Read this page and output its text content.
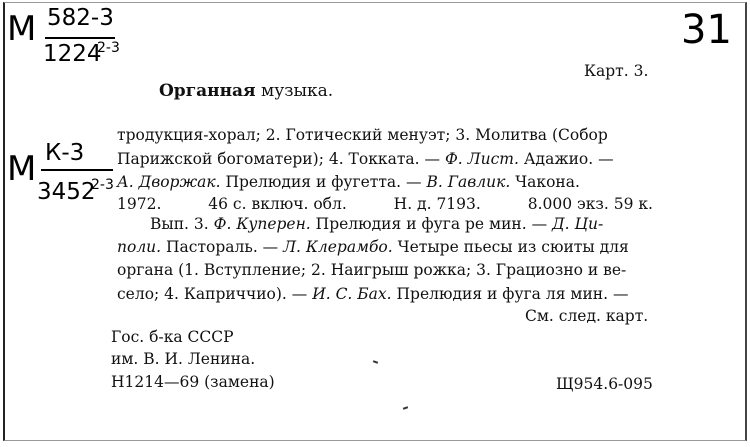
М 582-3
1224
2-3	31
Карт. 3.
Органная музыка.
М К-3
3452
2-3
тродукция-хорал; 2. Готический менуэт; 3. Молитва (Собор
Парижской богоматери); 4. Токката. — Ф. Лист. Адажио. —
А. Дворжак. Прелюдия и фугетта. — В. Гавлик. Чакона.
1972.	46 с. включ. обл.	Н. д. 7193.	8.000 экз. 59 к.
Вып. 3. Ф. Куперен. Прелюдия и фуга ре мин. — Д. Ци-
поли. Пастораль. — Л. Клерамбо. Четыре пьесы из сюиты для
органа (1. Вступление; 2. Наигрыш рожка; 3. Грациозно и ве-
село; 4. Каприччио). — И. С. Бах. Прелюдия и фуга ля мин. —
См. след. карт.
Гос. б-ка СССР
им. В. И. Ленина.
Н1214—69 (замена)	Щ954.6-095
